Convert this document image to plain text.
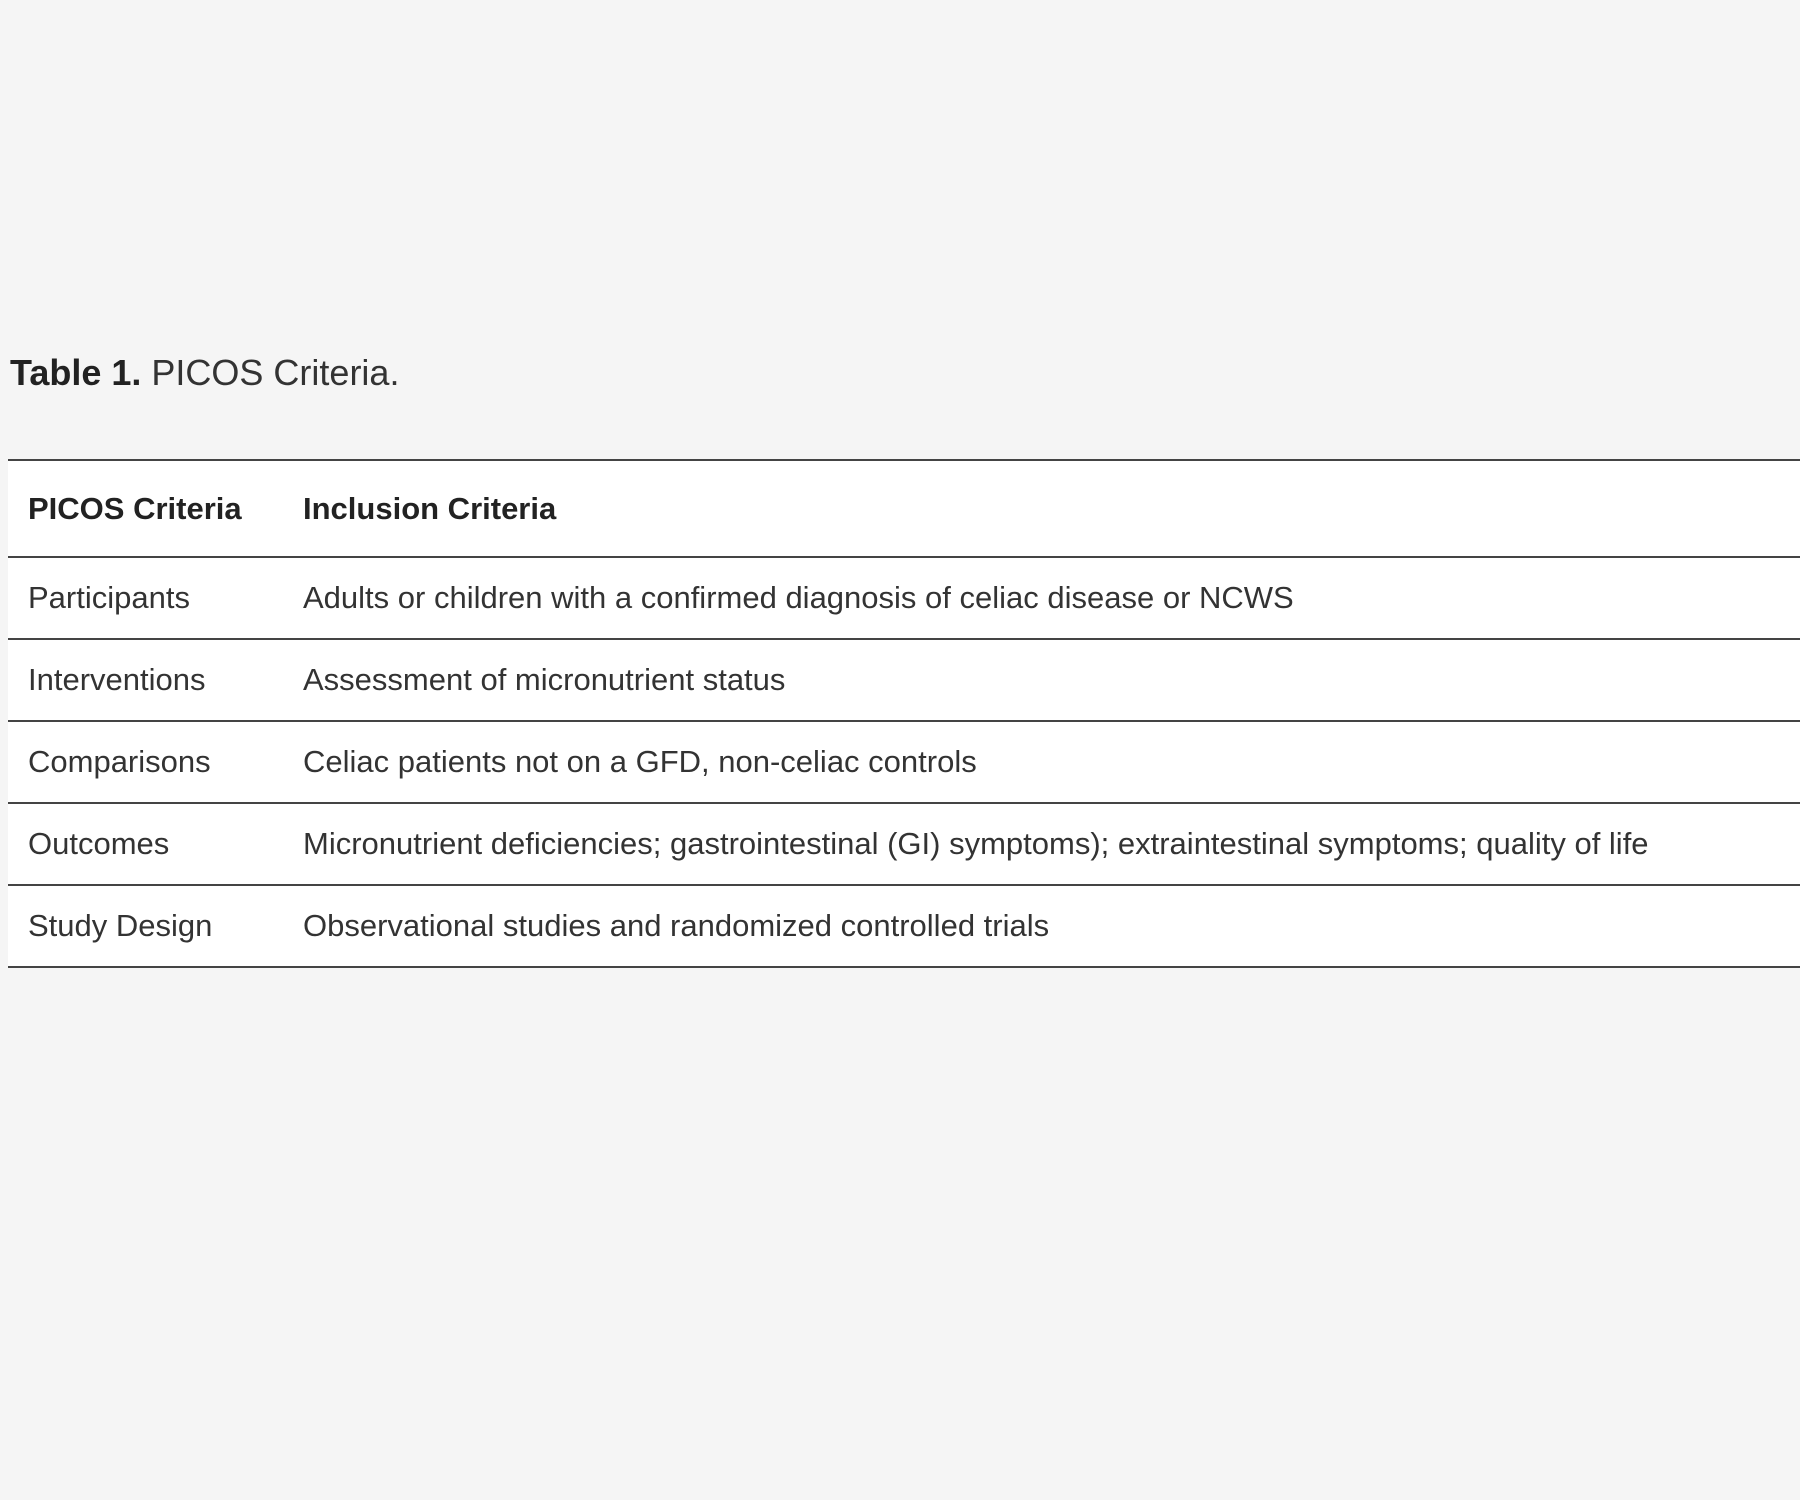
Table 1. PICOS Criteria.
PICOS Criteria	Inclusion Criteria
Participants	Adults or children with a confirmed diagnosis of celiac disease or NCWS
Interventions	Assessment of micronutrient status
Comparisons	Celiac patients not on a GFD, non-celiac controls
Outcomes	Micronutrient deficiencies; gastrointestinal (GI) symptoms); extraintestinal symptoms; quality of life
Study Design	Observational studies and randomized controlled trials
